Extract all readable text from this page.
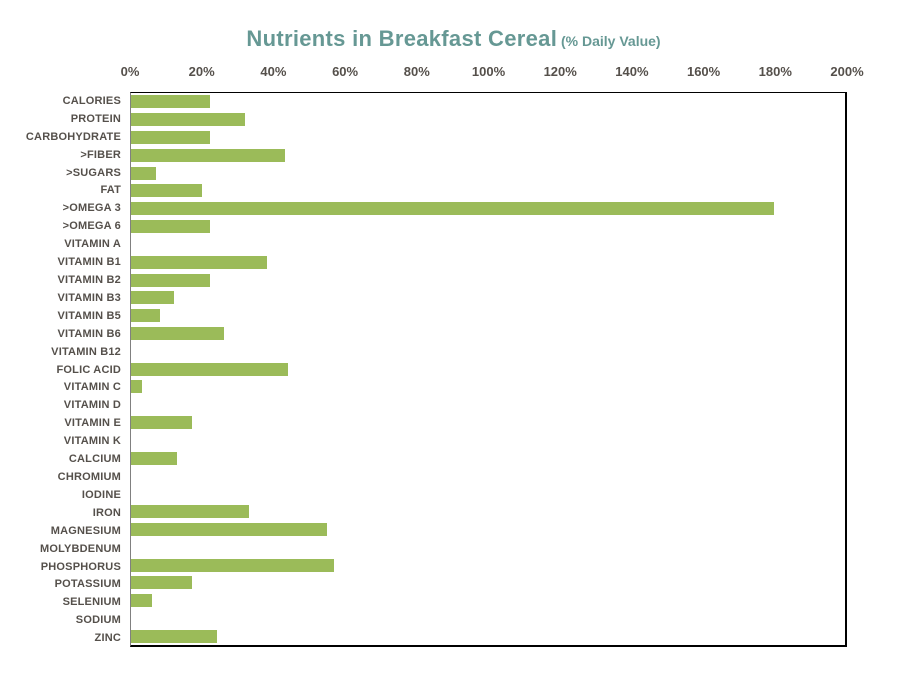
Nutrients in Breakfast Cereal (% Daily Value)
0%	20%	40%	60%	80%	100%	120%	140%	160%	180%	200%
CALORIES
PROTEIN
CARBOHYDRATE
>FIBER
>SUGARS
FAT
>OMEGA 3
>OMEGA 6
VITAMIN A
VITAMIN B1
VITAMIN B2
VITAMIN B3
VITAMIN B5
VITAMIN B6
VITAMIN B12
FOLIC ACID
VITAMIN C
VITAMIN D
VITAMIN E
VITAMIN K
CALCIUM
CHROMIUM
IODINE
IRON
MAGNESIUM
MOLYBDENUM
PHOSPHORUS
POTASSIUM
SELENIUM
SODIUM
ZINC
